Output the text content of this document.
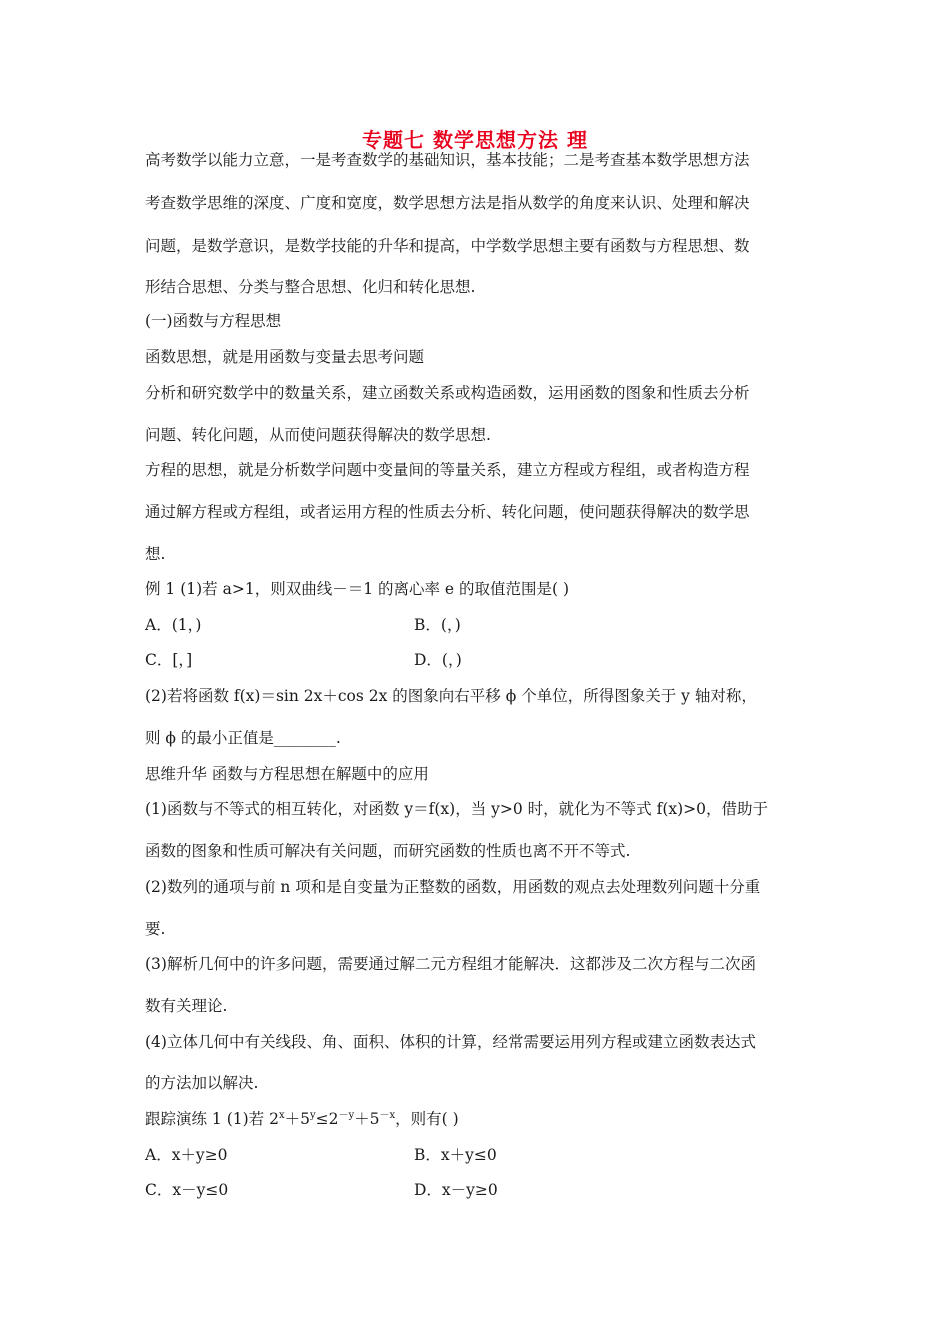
专题七 数学思想方法 理
高考数学以能力立意，一是考查数学的基础知识，基本技能；二是考查基本数学思想方法
考查数学思维的深度、广度和宽度，数学思想方法是指从数学的角度来认识、处理和解决
问题，是数学意识，是数学技能的升华和提高，中学数学思想主要有函数与方程思想、数
形结合思想、分类与整合思想、化归和转化思想.
(一)函数与方程思想
函数思想，就是用函数与变量去思考问题
分析和研究数学中的数量关系，建立函数关系或构造函数，运用函数的图象和性质去分析
问题、转化问题，从而使问题获得解决的数学思想.
方程的思想，就是分析数学问题中变量间的等量关系，建立方程或方程组，或者构造方程
通过解方程或方程组，或者运用方程的性质去分析、转化问题，使问题获得解决的数学思
想.
例 1 (1)若 a>1，则双曲线－＝1 的离心率 e 的取值范围是( )
A．(1，)	B．(，)
C．[，]	D．(，)
(2)若将函数 f(x)＝sin 2x＋cos 2x 的图象向右平移 ϕ 个单位，所得图象关于 y 轴对称，
则 ϕ 的最小正值是________.
思维升华 函数与方程思想在解题中的应用
(1)函数与不等式的相互转化，对函数 y＝f(x)，当 y>0 时，就化为不等式 f(x)>0，借助于
函数的图象和性质可解决有关问题，而研究函数的性质也离不开不等式.
(2)数列的通项与前 n 项和是自变量为正整数的函数，用函数的观点去处理数列问题十分重
要.
(3)解析几何中的许多问题，需要通过解二元方程组才能解决．这都涉及二次方程与二次函
数有关理论.
(4)立体几何中有关线段、角、面积、体积的计算，经常需要运用列方程或建立函数表达式
的方法加以解决.
跟踪演练 1 (1)若 $2^x+5^y\le 2^{-y}+5^{-x}$，则有( )
A．x＋y≥0	B．x＋y≤0
C．x－y≤0	D．x－y≥0
